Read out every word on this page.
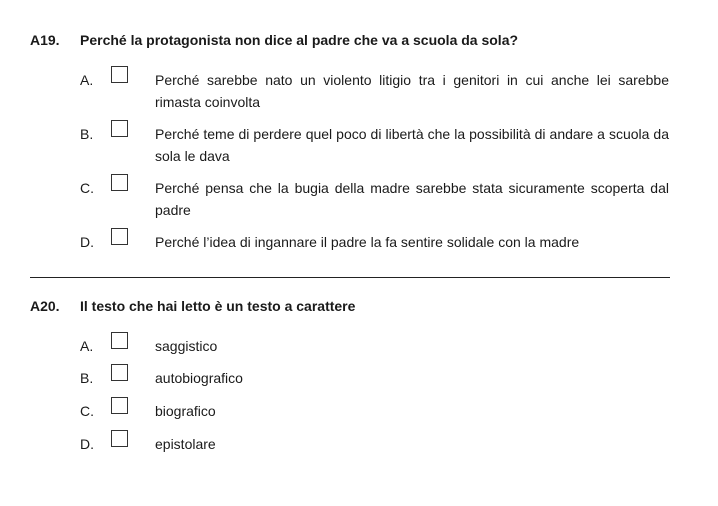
A19. Perché la protagonista non dice al padre che va a scuola da sola?
A.	Perché sarebbe nato un violento litigio tra i genitori in cui anche lei sarebbe rimasta coinvolta
B.	Perché teme di perdere quel poco di libertà che la possibilità di andare a scuola da sola le dava
C.	Perché pensa che la bugia della madre sarebbe stata sicuramente scoperta dal padre
D.	Perché l’idea di ingannare il padre la fa sentire solidale con la madre
A20. Il testo che hai letto è un testo a carattere
A.	saggistico
B.	autobiografico
C.	biografico
D.	epistolare
